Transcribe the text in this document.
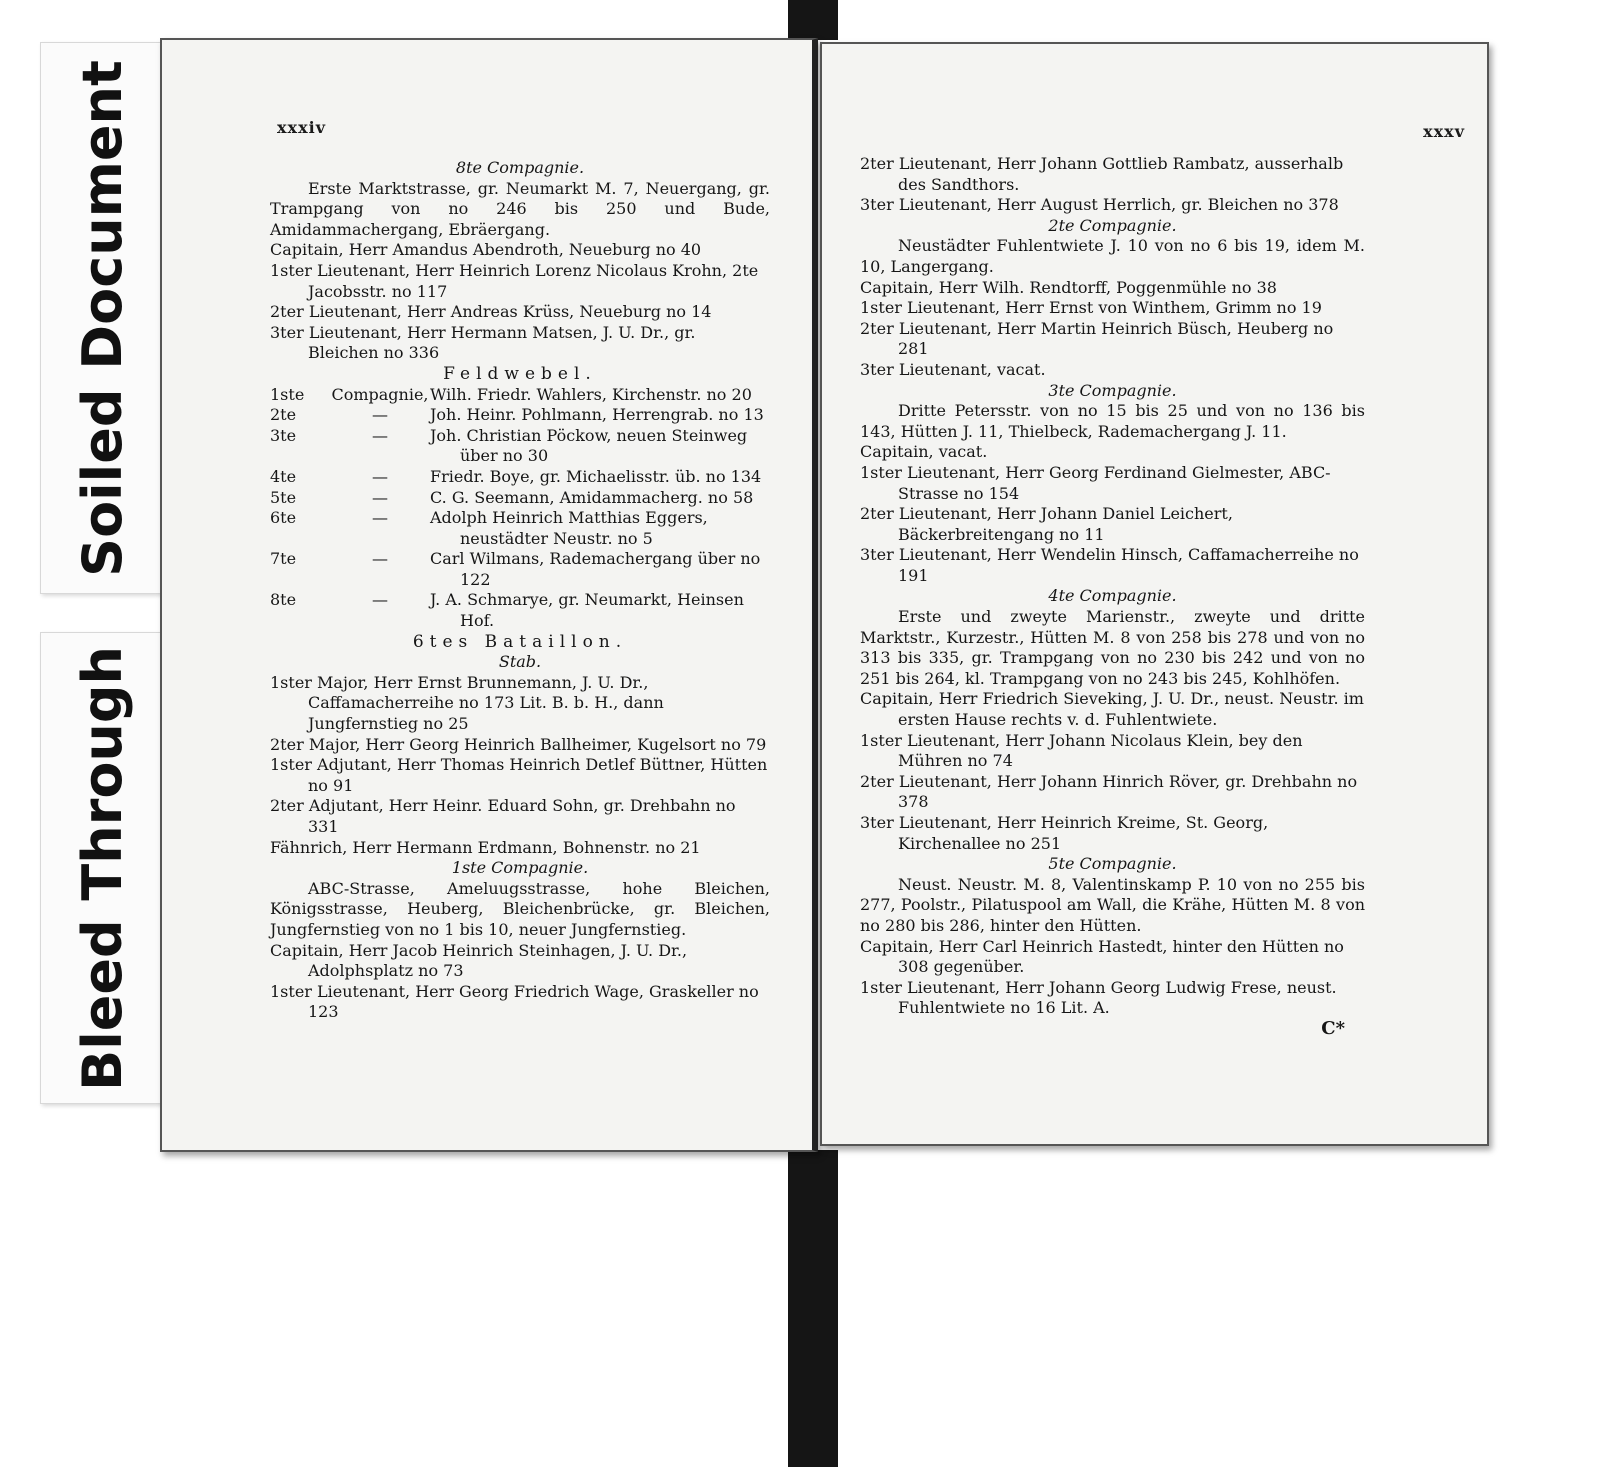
Soiled Document
Bleed Through
xxxiv
8te Compagnie.
Erste Marktstrasse, gr. Neumarkt M. 7, Neuergang, gr. Trampgang von no 246 bis 250 und Bude, Amidammachergang, Ebräergang.
Capitain, Herr Amandus Abendroth, Neueburg no 40
1ster Lieutenant, Herr Heinrich Lorenz Nicolaus Krohn, 2te Jacobsstr. no 117
2ter Lieutenant, Herr Andreas Krüss, Neueburg no 14
3ter Lieutenant, Herr Hermann Matsen, J. U. Dr., gr. Bleichen no 336
Feldwebel.
1ste	Compagnie, Wilh. Friedr. Wahlers, Kirchenstr. no 20
2te	—	Joh. Heinr. Pohlmann, Herrengrab. no 13
3te	—	Joh. Christian Pöckow, neuen Steinweg über no 30
4te	—	Friedr. Boye, gr. Michaelisstr. üb. no 134
5te	—	C. G. Seemann, Amidammacherg. no 58
6te	—	Adolph Heinrich Matthias Eggers, neustädter Neustr. no 5
7te	—	Carl Wilmans, Rademachergang über no 122
8te	—	J. A. Schmarye, gr. Neumarkt, Heinsen Hof.
6tes Bataillon.
Stab.
1ster Major, Herr Ernst Brunnemann, J. U. Dr., Caffamacherreihe no 173 Lit. B. b. H., dann Jungfernstieg no 25
2ter Major, Herr Georg Heinrich Ballheimer, Kugelsort no 79
1ster Adjutant, Herr Thomas Heinrich Detlef Büttner, Hütten no 91
2ter Adjutant, Herr Heinr. Eduard Sohn, gr. Drehbahn no 331
Fähnrich, Herr Hermann Erdmann, Bohnenstr. no 21
1ste Compagnie.
ABC-Strasse, Ameluugsstrasse, hohe Bleichen, Königsstrasse, Heuberg, Bleichenbrücke, gr. Bleichen, Jungfernstieg von no 1 bis 10, neuer Jungfernstieg.
Capitain, Herr Jacob Heinrich Steinhagen, J. U. Dr., Adolphsplatz no 73
1ster Lieutenant, Herr Georg Friedrich Wage, Graskeller no 123
xxxv
2ter Lieutenant, Herr Johann Gottlieb Rambatz, ausserhalb des Sandthors.
3ter Lieutenant, Herr August Herrlich, gr. Bleichen no 378
2te Compagnie.
Neustädter Fuhlentwiete J. 10 von no 6 bis 19, idem M. 10, Langergang.
Capitain, Herr Wilh. Rendtorff, Poggenmühle no 38
1ster Lieutenant, Herr Ernst von Winthem, Grimm no 19
2ter Lieutenant, Herr Martin Heinrich Büsch, Heuberg no 281
3ter Lieutenant, vacat.
3te Compagnie.
Dritte Petersstr. von no 15 bis 25 und von no 136 bis 143, Hütten J. 11, Thielbeck, Rademachergang J. 11.
Capitain, vacat.
1ster Lieutenant, Herr Georg Ferdinand Gielmester, ABC-Strasse no 154
2ter Lieutenant, Herr Johann Daniel Leichert, Bäckerbreitengang no 11
3ter Lieutenant, Herr Wendelin Hinsch, Caffamacherreihe no 191
4te Compagnie.
Erste und zweyte Marienstr., zweyte und dritte Marktstr., Kurzestr., Hütten M. 8 von 258 bis 278 und von no 313 bis 335, gr. Trampgang von no 230 bis 242 und von no 251 bis 264, kl. Trampgang von no 243 bis 245, Kohlhöfen.
Capitain, Herr Friedrich Sieveking, J. U. Dr., neust. Neustr. im ersten Hause rechts v. d. Fuhlentwiete.
1ster Lieutenant, Herr Johann Nicolaus Klein, bey den Mühren no 74
2ter Lieutenant, Herr Johann Hinrich Röver, gr. Drehbahn no 378
3ter Lieutenant, Herr Heinrich Kreime, St. Georg, Kirchenallee no 251
5te Compagnie.
Neust. Neustr. M. 8, Valentinskamp P. 10 von no 255 bis 277, Poolstr., Pilatuspool am Wall, die Krähe, Hütten M. 8 von no 280 bis 286, hinter den Hütten.
Capitain, Herr Carl Heinrich Hastedt, hinter den Hütten no 308 gegenüber.
1ster Lieutenant, Herr Johann Georg Ludwig Frese, neust. Fuhlentwiete no 16 Lit. A.
C*
